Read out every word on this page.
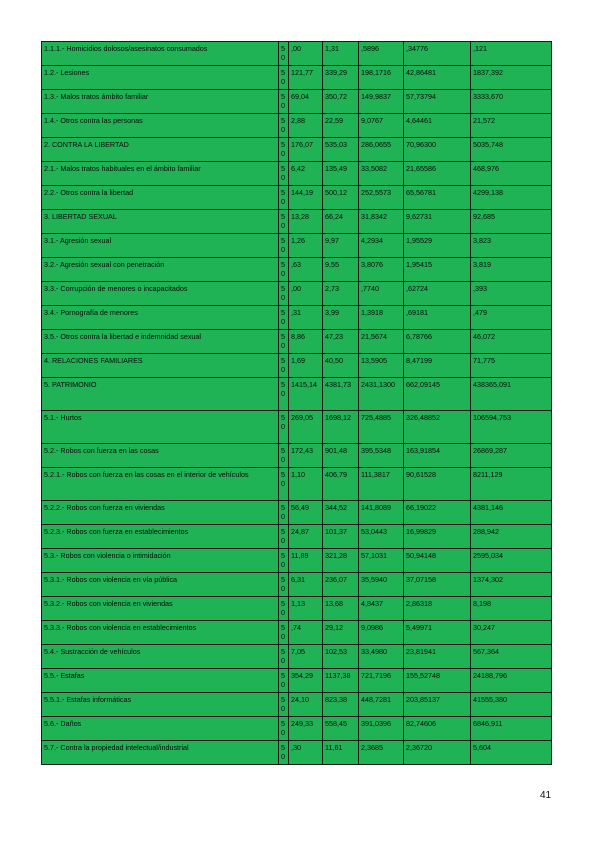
1.1.1.- Homicidios dolosos/asesinatos consumados	50	,00	1,31	,5896	,34776	,121
1.2.- Lesiones	50	121,77	339,29	198,1716	42,86481	1837,392
1.3.- Malos tratos ámbito familiar	50	69,04	350,72	149,9837	57,73794	3333,670
1.4.- Otros contra las personas	50	2,88	22,59	9,0767	4,64461	21,572
2. CONTRA LA LIBERTAD	50	176,07	535,03	286,0655	70,96300	5035,748
2.1.- Malos tratos habituales en el ámbito familiar	50	6,42	135,49	33,5082	21,65586	468,976
2.2.- Otros contra la libertad	50	144,19	500,12	252,5573	65,56781	4299,138
3. LIBERTAD SEXUAL	50	13,28	66,24	31,8342	9,62731	92,685
3.1.- Agresión sexual	50	1,26	9,97	4,2934	1,95529	3,823
3.2.- Agresión sexual con penetración	50	,63	9,55	3,8076	1,95415	3,819
3.3.- Corrupción de menores o incapacitados	50	,00	2,73	,7740	,62724	,393
3.4.- Pornografía de menores	50	,31	3,99	1,3918	,69181	,479
3.5.- Otros contra la libertad e indemnidad sexual	50	8,86	47,23	21,5674	6,78766	46,072
4. RELACIONES FAMILIARES	50	1,69	40,50	13,5905	8,47199	71,775
5. PATRIMONIO	50	1415,14	4381,73	2431,1300	662,09145	438365,091
5.1.- Hurtos	50	269,05	1698,12	725,4885	326,48852	106594,753
5.2.- Robos con fuerza en las cosas	50	172,43	901,48	395,5348	163,91854	26869,287
5.2.1.- Robos con fuerza en las cosas en el interior de vehículos	50	1,10	406,79	111,3817	90,61528	8211,129
5.2.2.- Robos con fuerza en viviendas	50	56,49	344,52	141,8089	66,19022	4381,146
5.2.3.- Robos con fuerza en establecimientos	50	24,87	101,37	53,0443	16,99829	288,942
5.3.- Robos con violencia o intimidación	50	11,89	321,28	57,1031	50,94148	2595,034
5.3.1.- Robos con violencia en vía pública	50	6,31	236,07	35,5940	37,07158	1374,302
5.3.2.- Robos con violencia en viviendas	50	1,13	13,68	4,8437	2,86318	8,198
5.3.3.- Robos con violencia en establecimientos	50	,74	29,12	9,0986	5,49971	30,247
5.4.- Sustracción de vehículos	50	7,05	102,53	33,4980	23,81941	567,364
5.5.- Estafas	50	354,29	1137,38	721,7196	155,52748	24188,796
5.5.1.- Estafas informáticas	50	24,10	823,38	448,7281	203,85137	41555,380
5.6.- Daños	50	249,33	558,45	391,0396	82,74606	6846,911
5.7.- Contra la propiedad intelectual/industrial	50	,30	11,61	2,3685	2,36720	5,604
41
